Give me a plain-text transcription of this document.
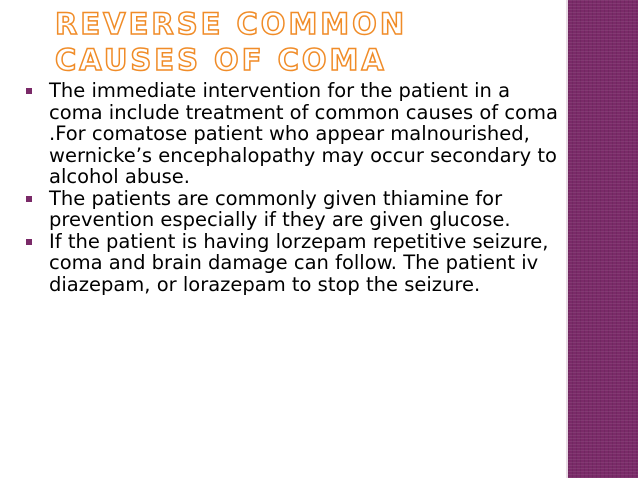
REVERSE COMMON CAUSES OF COMA
The immediate intervention for the patient in a coma include treatment of common causes of coma .For comatose patient who appear malnourished, wernicke’s encephalopathy may occur secondary to alcohol abuse.
The patients are commonly given thiamine for prevention especially if they are given glucose.
If the patient is having lorzepam repetitive seizure, coma and brain damage can follow. The patient iv diazepam, or lorazepam to stop the seizure.
